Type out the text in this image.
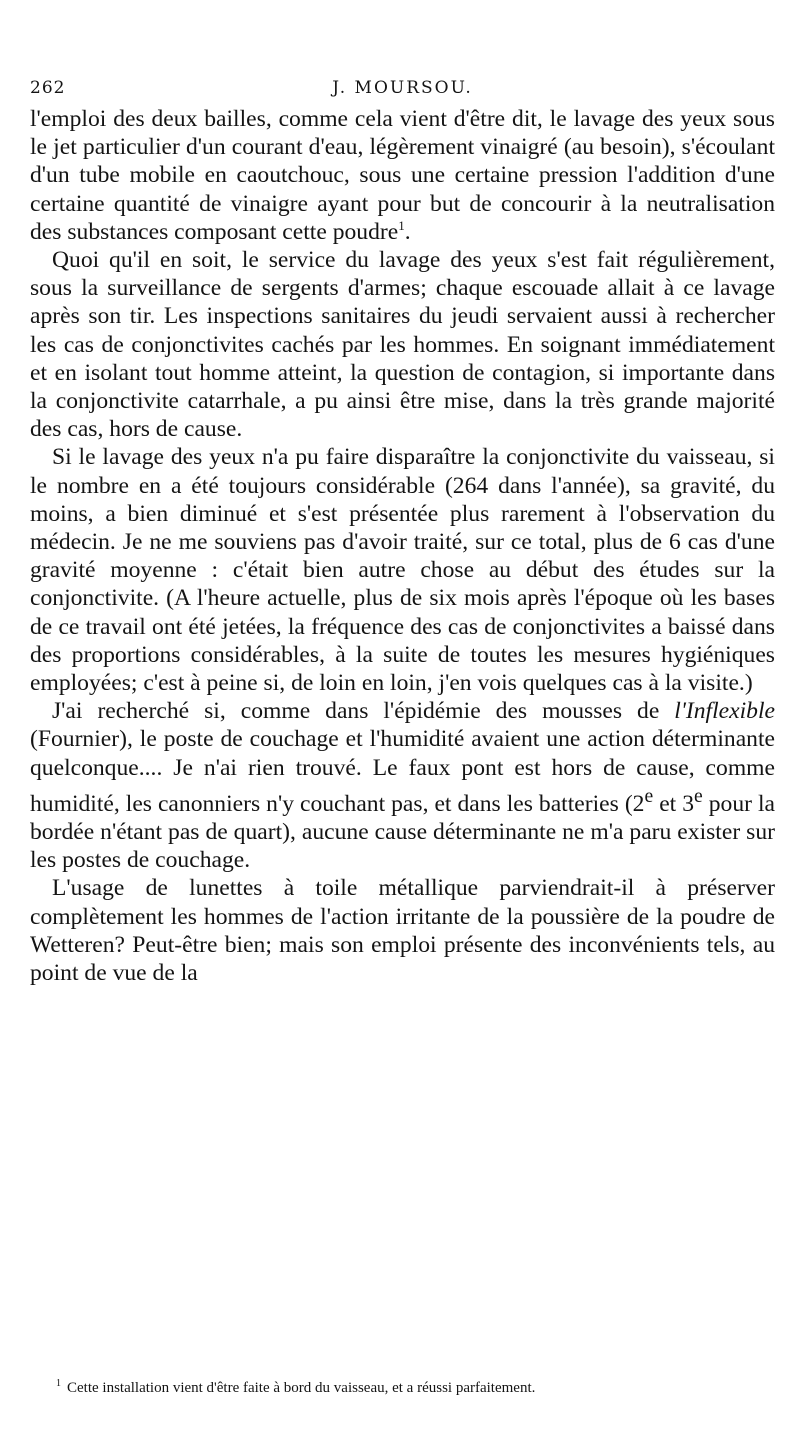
262	J. MOURSOU.

l'emploi des deux bailles, comme cela vient d'être dit, le lavage des yeux sous le jet particulier d'un courant d'eau, légèrement vinaigré (au besoin), s'écoulant d'un tube mobile en caoutchouc, sous une certaine pression l'addition d'une certaine quantité de vinaigre ayant pour but de concourir à la neutralisation des substances composant cette poudre$^1$.

Quoi qu'il en soit, le service du lavage des yeux s'est fait régulièrement, sous la surveillance de sergents d'armes; chaque escouade allait à ce lavage après son tir. Les inspections sanitaires du jeudi servaient aussi à rechercher les cas de conjonctivites cachés par les hommes. En soignant immédiatement et en isolant tout homme atteint, la question de contagion, si importante dans la conjonctivite catarrhale, a pu ainsi être mise, dans la très grande majorité des cas, hors de cause.

Si le lavage des yeux n'a pu faire disparaître la conjonctivite du vaisseau, si le nombre en a été toujours considérable (264 dans l'année), sa gravité, du moins, a bien diminué et s'est présentée plus rarement à l'observation du médecin. Je ne me souviens pas d'avoir traité, sur ce total, plus de 6 cas d'une gravité moyenne : c'était bien autre chose au début des études sur la conjonctivite. (A l'heure actuelle, plus de six mois après l'époque où les bases de ce travail ont été jetées, la fréquence des cas de conjonctivites a baissé dans des proportions considérables, à la suite de toutes les mesures hygiéniques employées; c'est à peine si, de loin en loin, j'en vois quelques cas à la visite.)

J'ai recherché si, comme dans l'épidémie des mousses de l'Inflexible (Fournier), le poste de couchage et l'humidité avaient une action déterminante quelconque.... Je n'ai rien trouvé. Le faux pont est hors de cause, comme humidité, les canonniers n'y couchant pas, et dans les batteries (2e et 3e pour la bordée n'étant pas de quart), aucune cause déterminante ne m'a paru exister sur les postes de couchage.

L'usage de lunettes à toile métallique parviendrait-il à préserver complètement les hommes de l'action irritante de la poussière de la poudre de Wetteren? Peut-être bien; mais son emploi présente des inconvénients tels, au point de vue de la

$^1$ Cette installation vient d'être faite à bord du vaisseau, et a réussi parfaitement.
